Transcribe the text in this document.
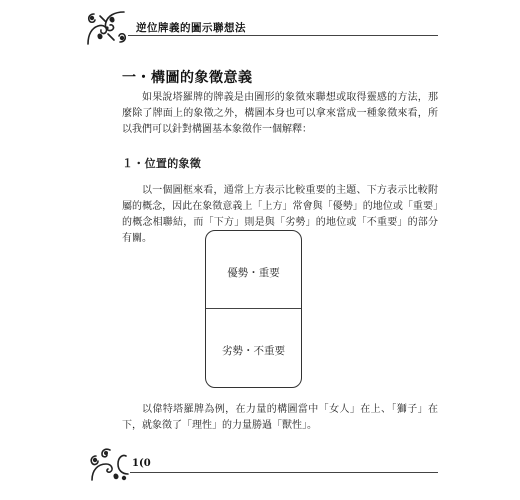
逆位牌義的圖示聯想法
一・構圖的象徵意義

如果說塔羅牌的牌義是由圖形的象徵來聯想或取得靈感的方法，那麼除了牌面上的象徵之外，構圖本身也可以拿來當成一種象徵來看，所以我們可以針對構圖基本象徵作一個解釋：

１・位置的象徵

以一個圖框來看，通常上方表示比較重要的主題、下方表示比較附屬的概念，因此在象徵意義上「上方」常會與「優勢」的地位或「重要」的概念相聯結，而「下方」則是與「劣勢」的地位或「不重要」的部分有關。

優勢・重要
劣勢・不重要

以偉特塔羅牌為例，在力量的構圖當中「女人」在上、「獅子」在下，就象徵了「理性」的力量勝過「獸性」。

1(0
